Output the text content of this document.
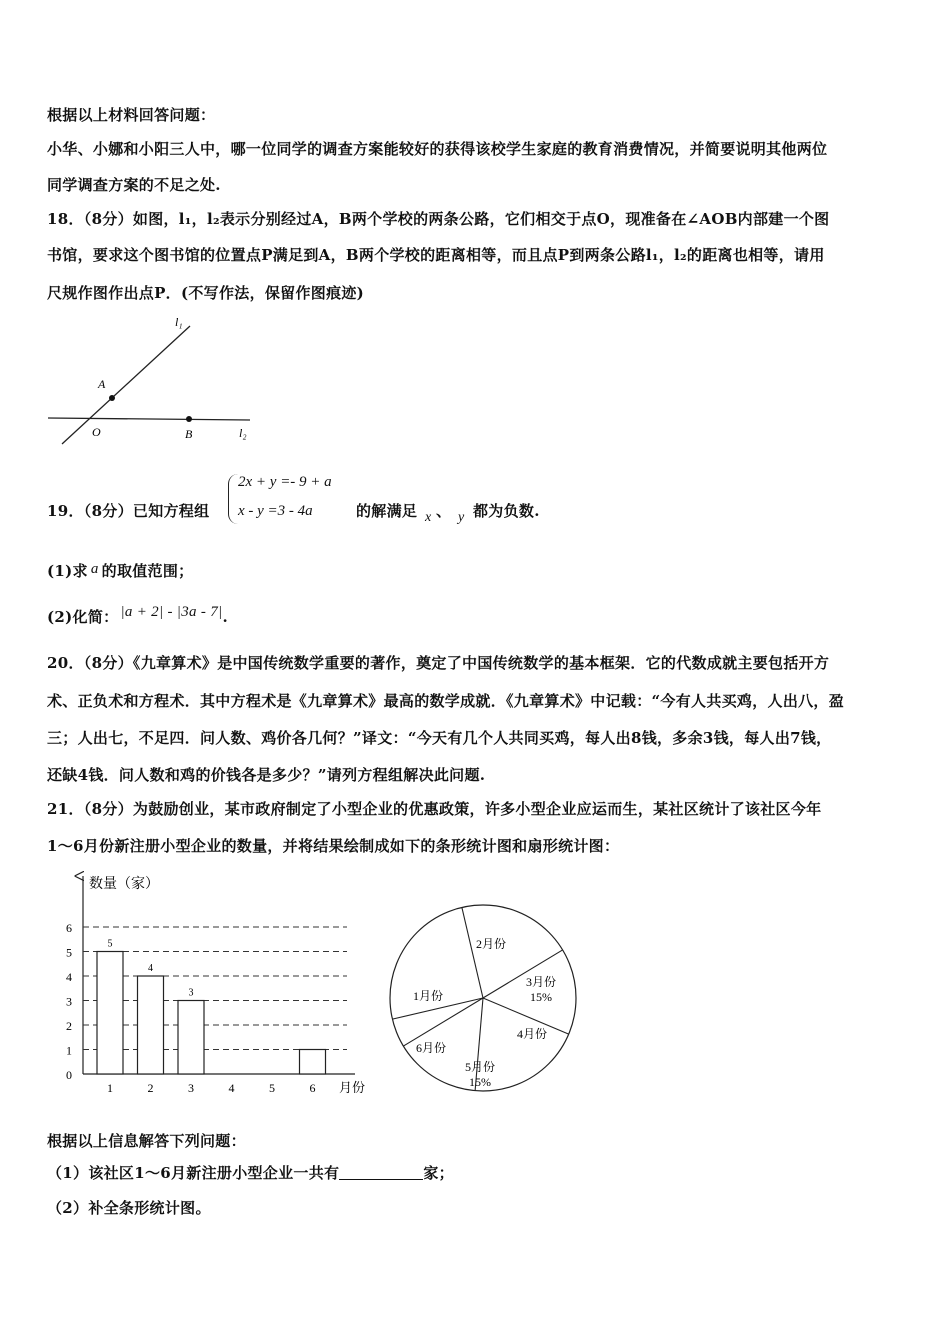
根据以上材料回答问题：
小华、小娜和小阳三人中，哪一位同学的调查方案能较好的获得该校学生家庭的教育消费情况，并简要说明其他两位
同学调查方案的不足之处.
18．（8分）如图，l₁，l₂表示分别经过A，B两个学校的两条公路，它们相交于点O，现准备在∠AOB内部建一个图
书馆，要求这个图书馆的位置点P满足到A，B两个学校的距离相等，而且点P到两条公路l₁，l₂的距离也相等，请用
尺规作图作出点P．(不写作法，保留作图痕迹)
l₁
l₂
A
O	B
19．（8分）已知方程组
2x + y =- 9 + a
x - y =3 - 4a	的解满足 x 、 y 都为负数.
(1)求 a 的取值范围；
(2)化简： |a + 2| - |3a - 7|.
20．（8分）《九章算术》是中国传统数学重要的著作，奠定了中国传统数学的基本框架．它的代数成就主要包括开方
术、正负术和方程术．其中方程术是《九章算术》最高的数学成就．《九章算术》中记载：“今有人共买鸡，人出八，盈
三；人出七，不足四．问人数、鸡价各几何？”译文：“今天有几个人共同买鸡，每人出8钱，多余3钱，每人出7钱，
还缺4钱．问人数和鸡的价钱各是多少？”请列方程组解决此问题.
21．（8分）为鼓励创业，某市政府制定了小型企业的优惠政策，许多小型企业应运而生，某社区统计了该社区今年
1～6月份新注册小型企业的数量，并将结果绘制成如下的条形统计图和扇形统计图：
数量（家）
月份
0
1
2
3
4
5
6
5
4
3
1	2	3	4	5	6
1月份
2月份
3月份
15%
4月份
5月份
15%
6月份
根据以上信息解答下列问题：
（1）该社区1～6月新注册小型企业一共有	家；
（2）补全条形统计图。
